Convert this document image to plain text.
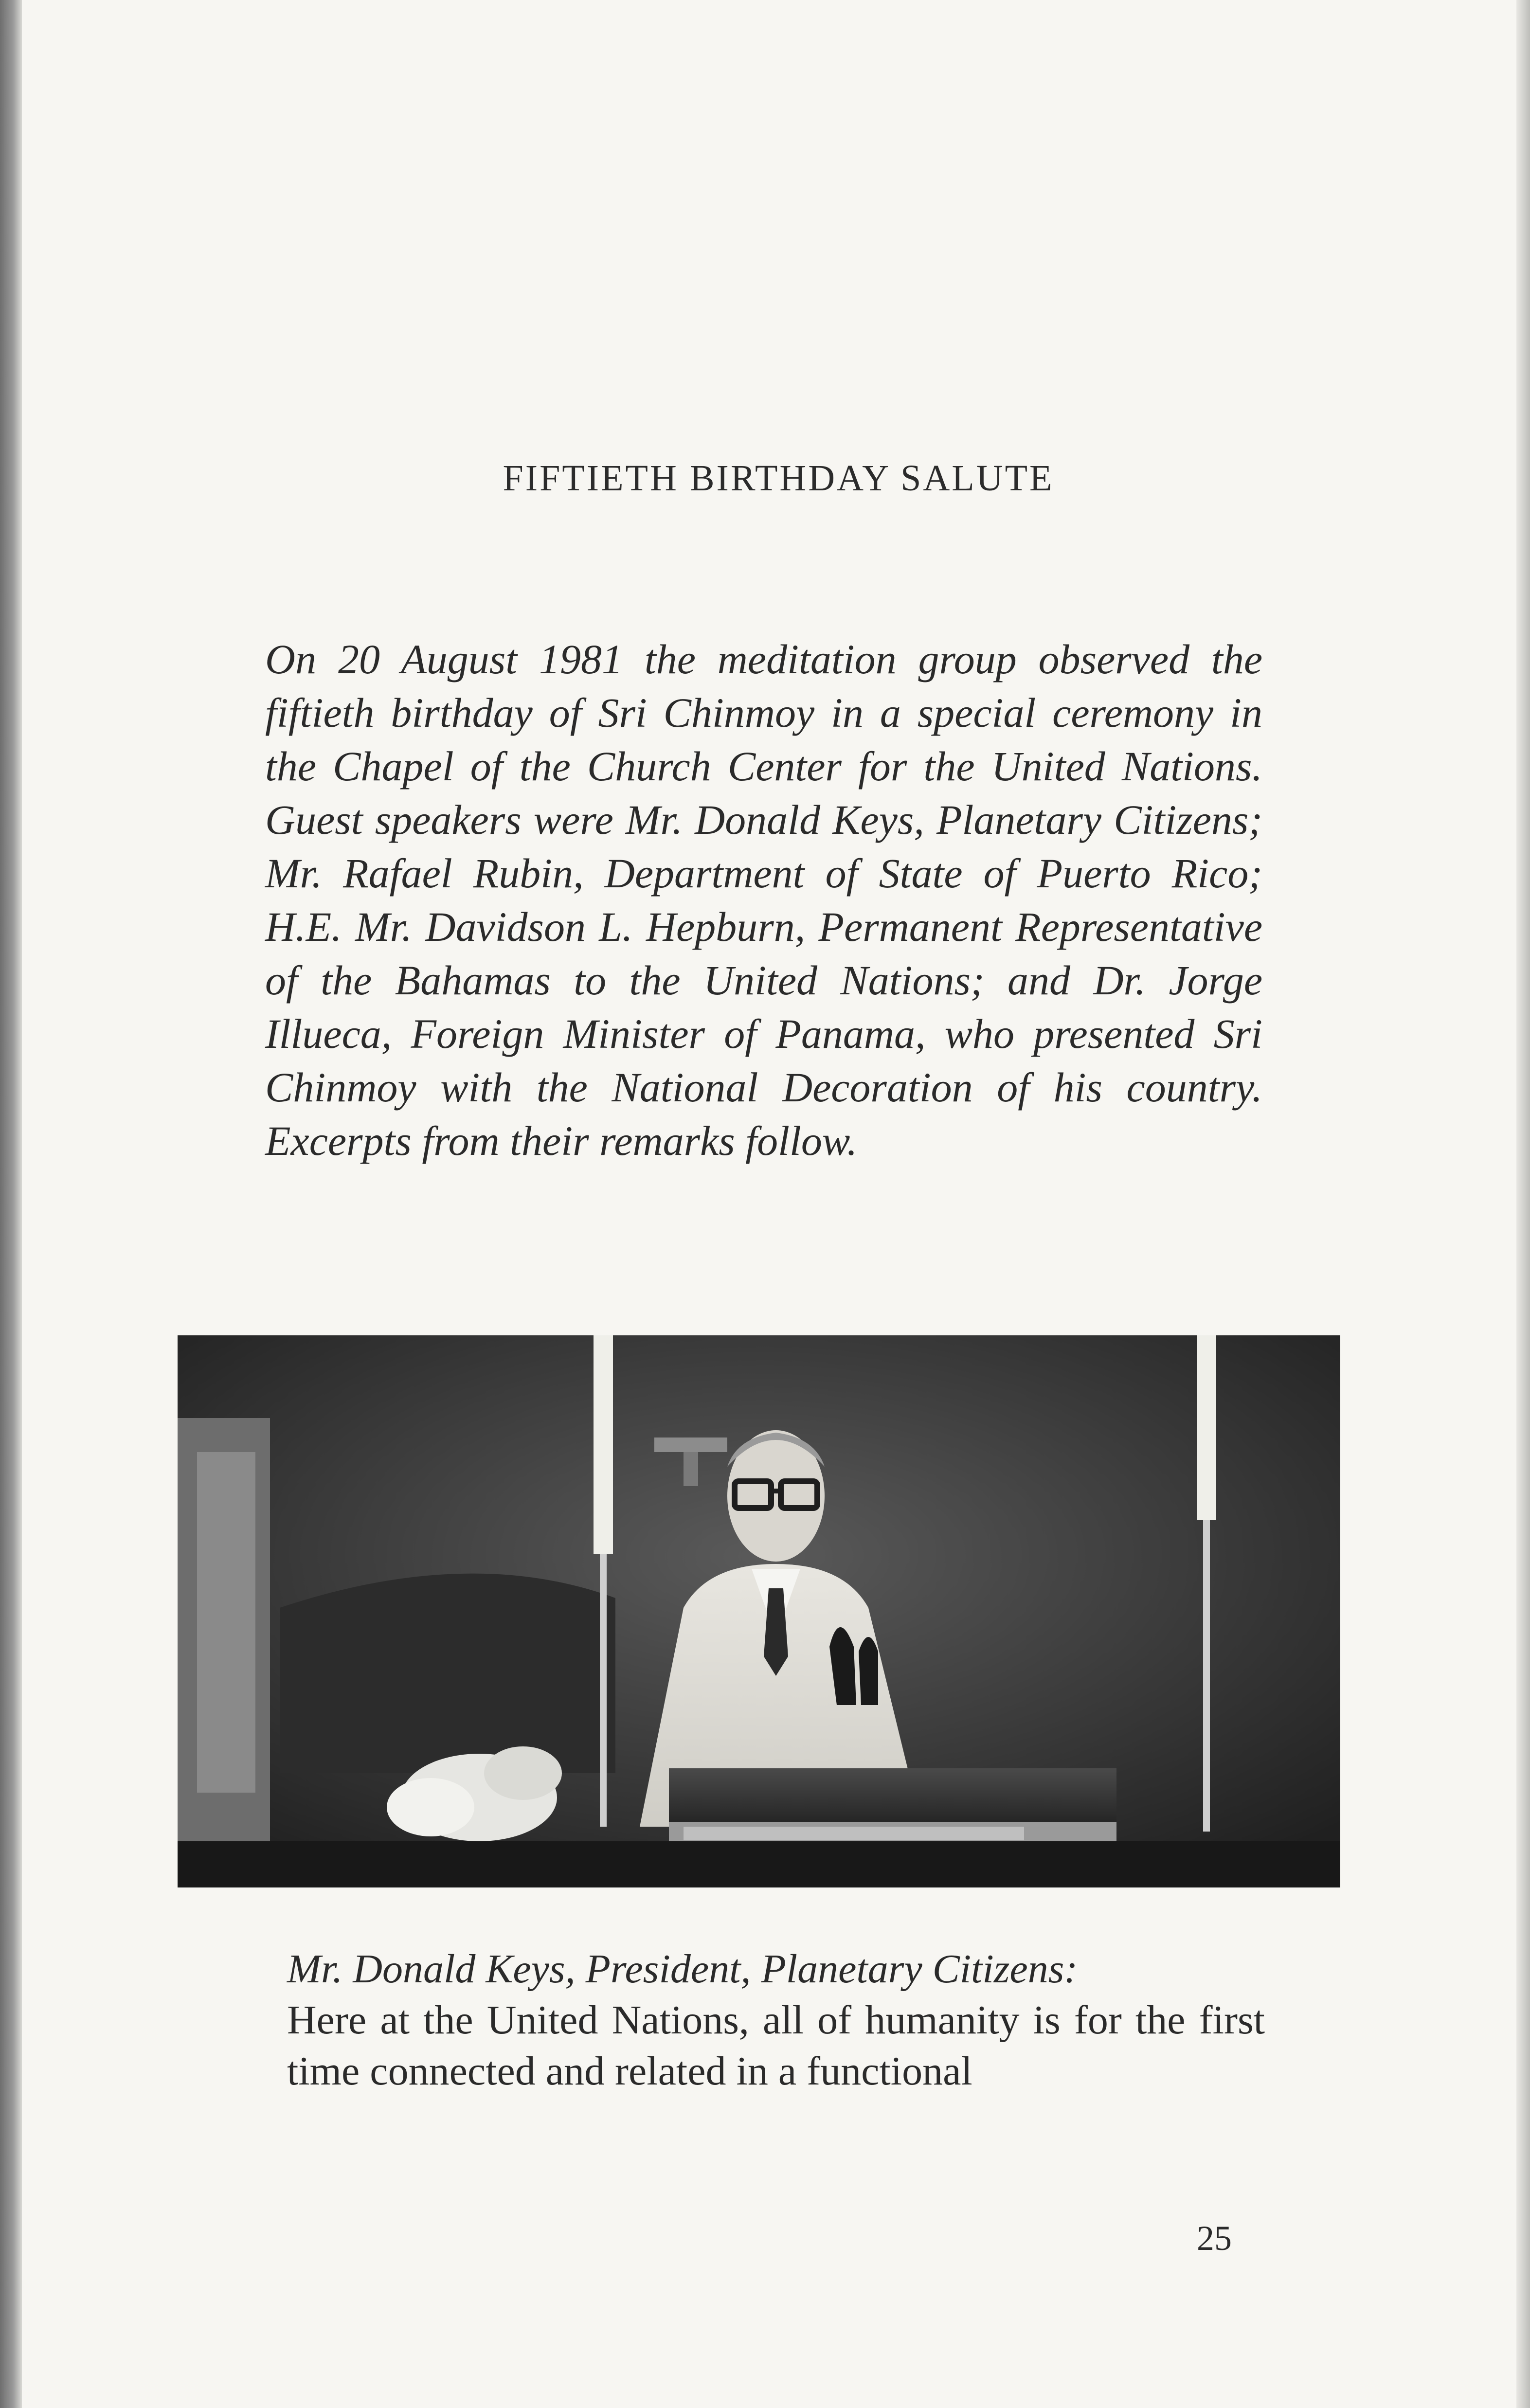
FIFTIETH BIRTHDAY SALUTE
On 20 August 1981 the meditation group observed the fiftieth birthday of Sri Chinmoy in a special ceremony in the Chapel of the Church Center for the United Nations. Guest speakers were Mr. Donald Keys, Planetary Citizens; Mr. Rafael Rubin, Department of State of Puerto Rico; H.E. Mr. Davidson L. Hepburn, Permanent Representative of the Bahamas to the United Nations; and Dr. Jorge Illueca, Foreign Minister of Panama, who presented Sri Chinmoy with the National Decoration of his country. Excerpts from their remarks follow.
Mr. Donald Keys, President, Planetary Citizens:
Here at the United Nations, all of humanity is for the first time connected and related in a functional
25
